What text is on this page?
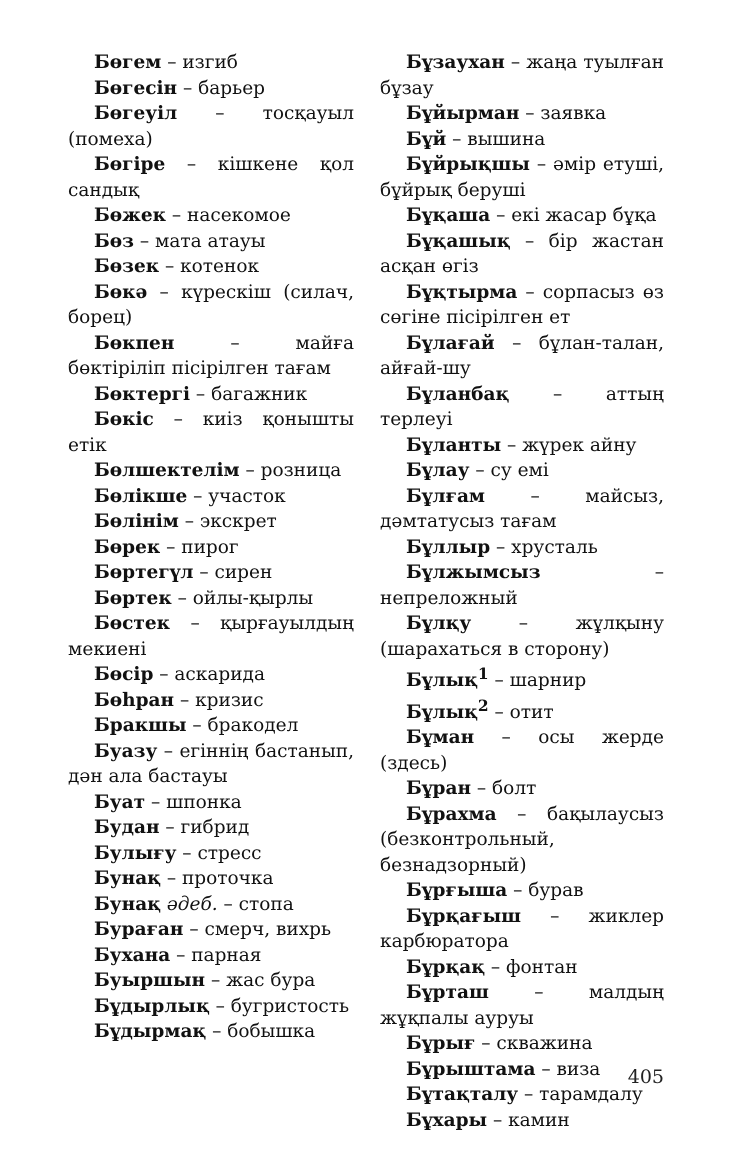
Бөгем – изгиб

Бөгесін – барьер

Бөгеуіл – тосқауыл (помеха)

Бөгіре – кішкене қол сандық

Бөжек – насекомое

Бөз – мата атауы

Бөзек – котенок

Бөкә – күрескіш (силач, борец)

Бөкпен – майға бөктіріліп пісірілген тағам

Бөктергі – багажник

Бөкіс – киіз қонышты етік

Бөлшектелім – розница

Бөлікше – участок

Бөлінім – экскрет

Бөрек – пирог

Бөртегүл – сирен

Бөртек – ойлы-қырлы

Бөстек – қырғауылдың мекиені

Бөсір – аскарида

Бөһран – кризис

Бракшы – бракодел

Буазу – егіннің бастанып, дән ала бастауы

Буат – шпонка

Будан – гибрид

Булығу – стресс

Бунақ – проточка

Бунақ әдеб. – стопа

Бураған – смерч, вихрь

Бухана – парная

Буыршын – жас бура

Бұдырлық – бугристость

Бұдырмақ – бобышка

Бұзаухан – жаңа туылған бұзау

Бұйырман – заявка

Бұй – вышина

Бұйрықшы – әмір етуші, бұйрық беруші

Бұқаша – екі жасар бұқа

Бұқашық – бір жастан асқан өгіз

Бұқтырма – сорпасыз өз сөгіне пісірілген ет

Бұлағай – бұлан-талан, айғай-шу

Бұланбақ – аттың терлеуі

Бұланты – жүрек айну

Бұлау – су емі

Бұлғам – майсыз, дәмтатусыз тағам

Бұллыр – хрусталь

Бұлжымсыз – непреложный

Бұлқу – жұлқыну (шарахаться в сторону)

Бұлық$^1$ – шарнир

Бұлық$^2$ – отит

Бұман – осы жерде (здесь)

Бұран – болт

Бұрахма – бақылаусыз (безконтрольный, безнадзорный)

Бұрғыша – бурав

Бұрқағыш – жиклер карбюратора

Бұрқақ – фонтан

Бұрташ – малдың жұқпалы ауруы

Бұрығ – скважина

Бұрыштама – виза

Бұтақталу – тарамдалу

Бұхары – камин

405
